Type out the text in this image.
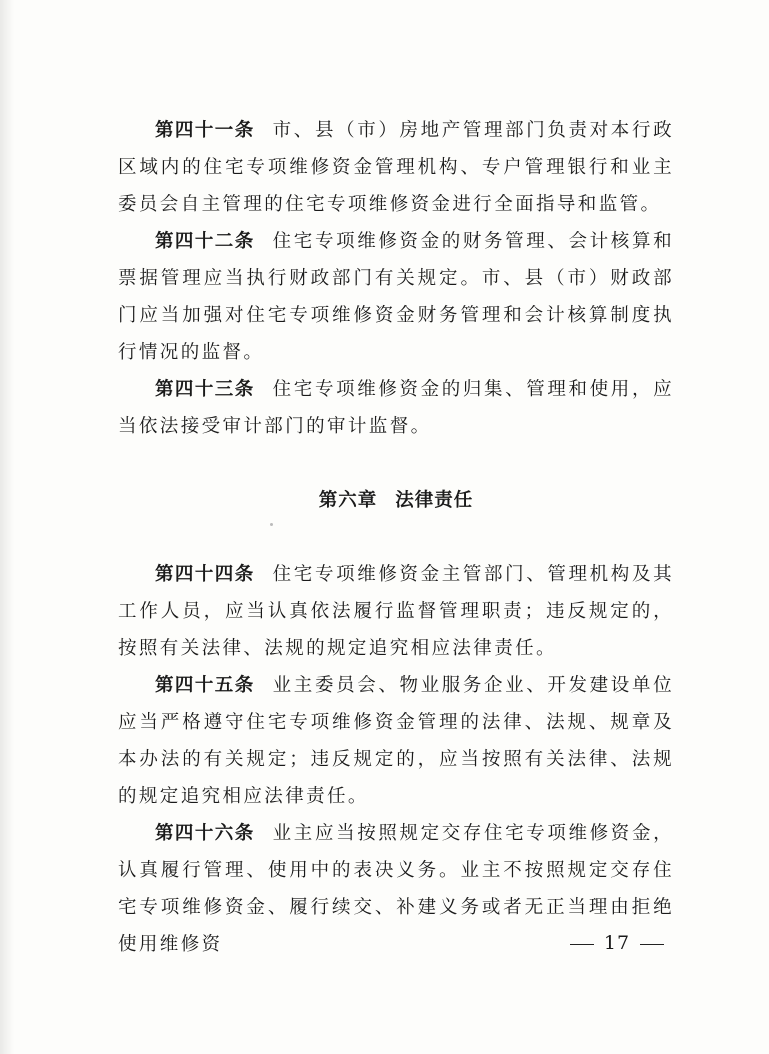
第四十一条 市、县（市）房地产管理部门负责对本行政区域内的住宅专项维修资金管理机构、专户管理银行和业主委员会自主管理的住宅专项维修资金进行全面指导和监管。

第四十二条 住宅专项维修资金的财务管理、会计核算和票据管理应当执行财政部门有关规定。市、县（市）财政部门应当加强对住宅专项维修资金财务管理和会计核算制度执行情况的监督。

第四十三条 住宅专项维修资金的归集、管理和使用，应当依法接受审计部门的审计监督。

第六章 法律责任

第四十四条 住宅专项维修资金主管部门、管理机构及其工作人员，应当认真依法履行监督管理职责；违反规定的，按照有关法律、法规的规定追究相应法律责任。

第四十五条 业主委员会、物业服务企业、开发建设单位应当严格遵守住宅专项维修资金管理的法律、法规、规章及本办法的有关规定；违反规定的，应当按照有关法律、法规的规定追究相应法律责任。

第四十六条 业主应当按照规定交存住宅专项维修资金，认真履行管理、使用中的表决义务。业主不按照规定交存住宅专项维修资金、履行续交、补建义务或者无正当理由拒绝使用维修资	17
